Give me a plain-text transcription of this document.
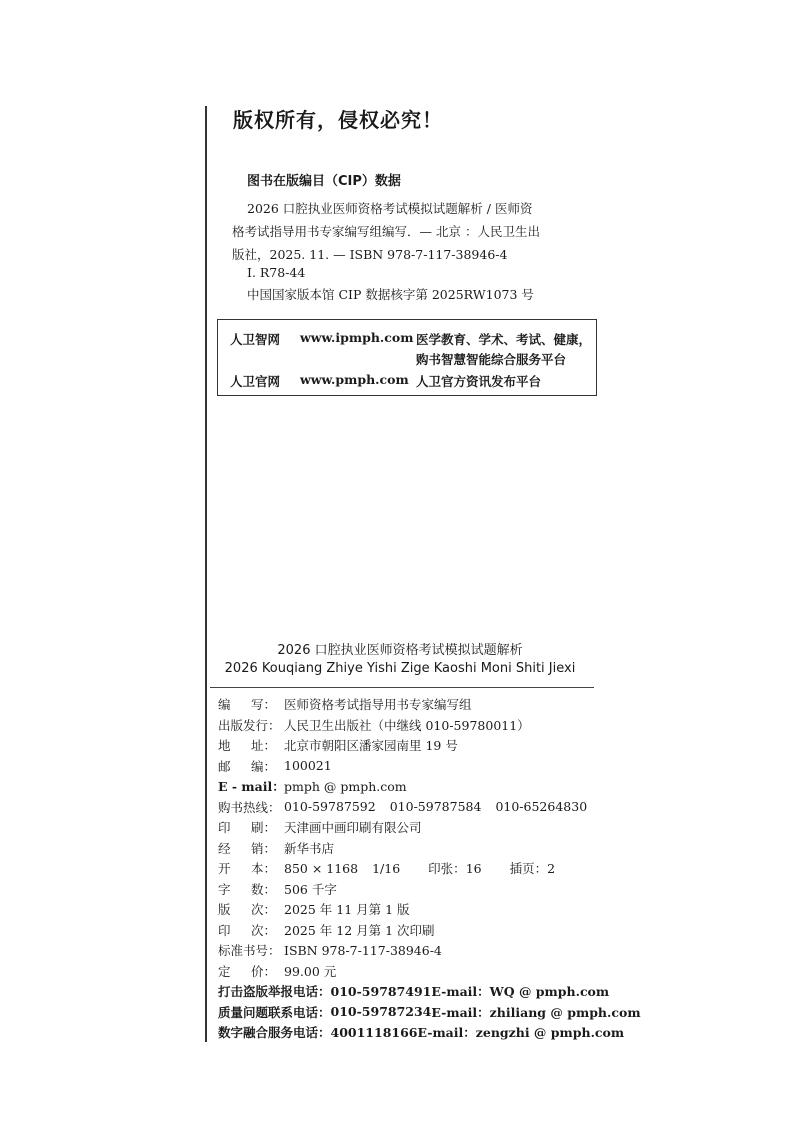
版权所有，侵权必究！
图书在版编目（CIP）数据
2026 口腔执业医师资格考试模拟试题解析 / 医师资
格考试指导用书专家编写组编写．— 北京 ：人民卫生出
版社，2025. 11. — ISBN 978-7-117-38946-4
Ⅰ. R78-44
中国国家版本馆 CIP 数据核字第 2025RW1073 号
人卫智网 www.ipmph.com 医学教育、学术、考试、健康，
购书智慧智能综合服务平台
人卫官网 www.pmph.com 人卫官方资讯发布平台
2026 口腔执业医师资格考试模拟试题解析
2026 Kouqiang Zhiye Yishi Zige Kaoshi Moni Shiti Jiexi
编 写： 医师资格考试指导用书专家编写组
出版发行： 人民卫生出版社（中继线 010-59780011）
地 址： 北京市朝阳区潘家园南里 19 号
邮 编： 100021
E - mail： pmph @ pmph.com
购书热线： 010-59787592 010-59787584 010-65264830
印 刷： 天津画中画印刷有限公司
经 销： 新华书店
开 本： 850 × 1168 1/16 印张： 16 插页： 2
字 数： 506 千字
版 次： 2025 年 11 月第 1 版
印 次： 2025 年 12 月第 1 次印刷
标准书号： ISBN 978-7-117-38946-4
定 价： 99.00 元
打击盗版举报电话： 010-59787491 E-mail：WQ @ pmph.com
质量问题联系电话： 010-59787234 E-mail：zhiliang @ pmph.com
数字融合服务电话： 4001118166 E-mail：zengzhi @ pmph.com
